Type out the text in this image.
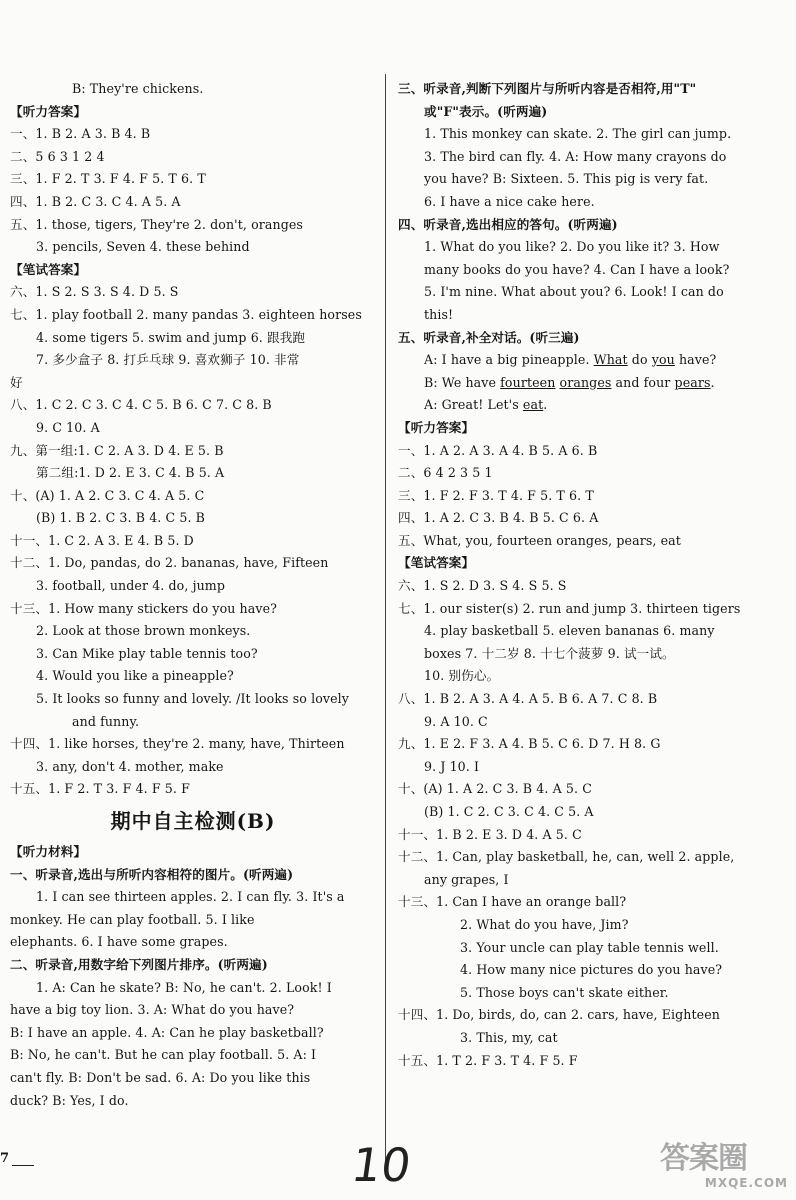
B: They're chickens.
【听力答案】
一、1. B 2. A 3. B 4. B
二、5 6 3 1 2 4
三、1. F 2. T 3. F 4. F 5. T 6. T
四、1. B 2. C 3. C 4. A 5. A
五、1. those, tigers, They're 2. don't, oranges
3. pencils, Seven 4. these behind
【笔试答案】
六、1. S 2. S 3. S 4. D 5. S
七、1. play football 2. many pandas 3. eighteen horses
4. some tigers 5. swim and jump 6. 跟我跑
7. 多少盒子 8. 打乒乓球 9. 喜欢狮子 10. 非常
好
八、1. C 2. C 3. C 4. C 5. B 6. C 7. C 8. B
9. C 10. A
九、第一组:1. C 2. A 3. D 4. E 5. B
第二组:1. D 2. E 3. C 4. B 5. A
十、(A) 1. A 2. C 3. C 4. A 5. C
(B) 1. B 2. C 3. B 4. C 5. B
十一、1. C 2. A 3. E 4. B 5. D
十二、1. Do, pandas, do 2. bananas, have, Fifteen
3. football, under 4. do, jump
十三、1. How many stickers do you have?
2. Look at those brown monkeys.
3. Can Mike play table tennis too?
4. Would you like a pineapple?
5. It looks so funny and lovely. /It looks so lovely
and funny.
十四、1. like horses, they're 2. many, have, Thirteen
3. any, don't 4. mother, make
十五、1. F 2. T 3. F 4. F 5. F
期中自主检测(B)
【听力材料】
一、听录音,选出与所听内容相符的图片。(听两遍)
1. I can see thirteen apples. 2. I can fly. 3. It's a
monkey. He can play football. 5. I like
elephants. 6. I have some grapes.
二、听录音,用数字给下列图片排序。(听两遍)
1. A: Can he skate? B: No, he can't. 2. Look! I
have a big toy lion. 3. A: What do you have?
B: I have an apple. 4. A: Can he play basketball?
B: No, he can't. But he can play football. 5. A: I
can't fly. B: Don't be sad. 6. A: Do you like this
duck? B: Yes, I do.
三、听录音,判断下列图片与所听内容是否相符,用"T"
或"F"表示。(听两遍)
1. This monkey can skate. 2. The girl can jump.
3. The bird can fly. 4. A: How many crayons do
you have? B: Sixteen. 5. This pig is very fat.
6. I have a nice cake here.
四、听录音,选出相应的答句。(听两遍)
1. What do you like? 2. Do you like it? 3. How
many books do you have? 4. Can I have a look?
5. I'm nine. What about you? 6. Look! I can do
this!
五、听录音,补全对话。(听三遍)
A: I have a big pineapple. What do you have?
B: We have fourteen oranges and four pears.
A: Great! Let's eat.
【听力答案】
一、1. A 2. A 3. A 4. B 5. A 6. B
二、6 4 2 3 5 1
三、1. F 2. F 3. T 4. F 5. T 6. T
四、1. A 2. C 3. B 4. B 5. C 6. A
五、What, you, fourteen oranges, pears, eat
【笔试答案】
六、1. S 2. D 3. S 4. S 5. S
七、1. our sister(s) 2. run and jump 3. thirteen tigers
4. play basketball 5. eleven bananas 6. many
boxes 7. 十二岁 8. 十七个菠萝 9. 试一试。
10. 别伤心。
八、1. B 2. A 3. A 4. A 5. B 6. A 7. C 8. B
9. A 10. C
九、1. E 2. F 3. A 4. B 5. C 6. D 7. H 8. G
9. J 10. I
十、(A) 1. A 2. C 3. B 4. A 5. C
(B) 1. C 2. C 3. C 4. C 5. A
十一、1. B 2. E 3. D 4. A 5. C
十二、1. Can, play basketball, he, can, well 2. apple,
any grapes, I
十三、1. Can I have an orange ball?
2. What do you have, Jim?
3. Your uncle can play table tennis well.
4. How many nice pictures do you have?
5. Those boys can't skate either.
十四、1. Do, birds, do, can 2. cars, have, Eighteen
3. This, my, cat
十五、1. T 2. F 3. T 4. F 5. F
7	10	答案圈
MXQE.COM
